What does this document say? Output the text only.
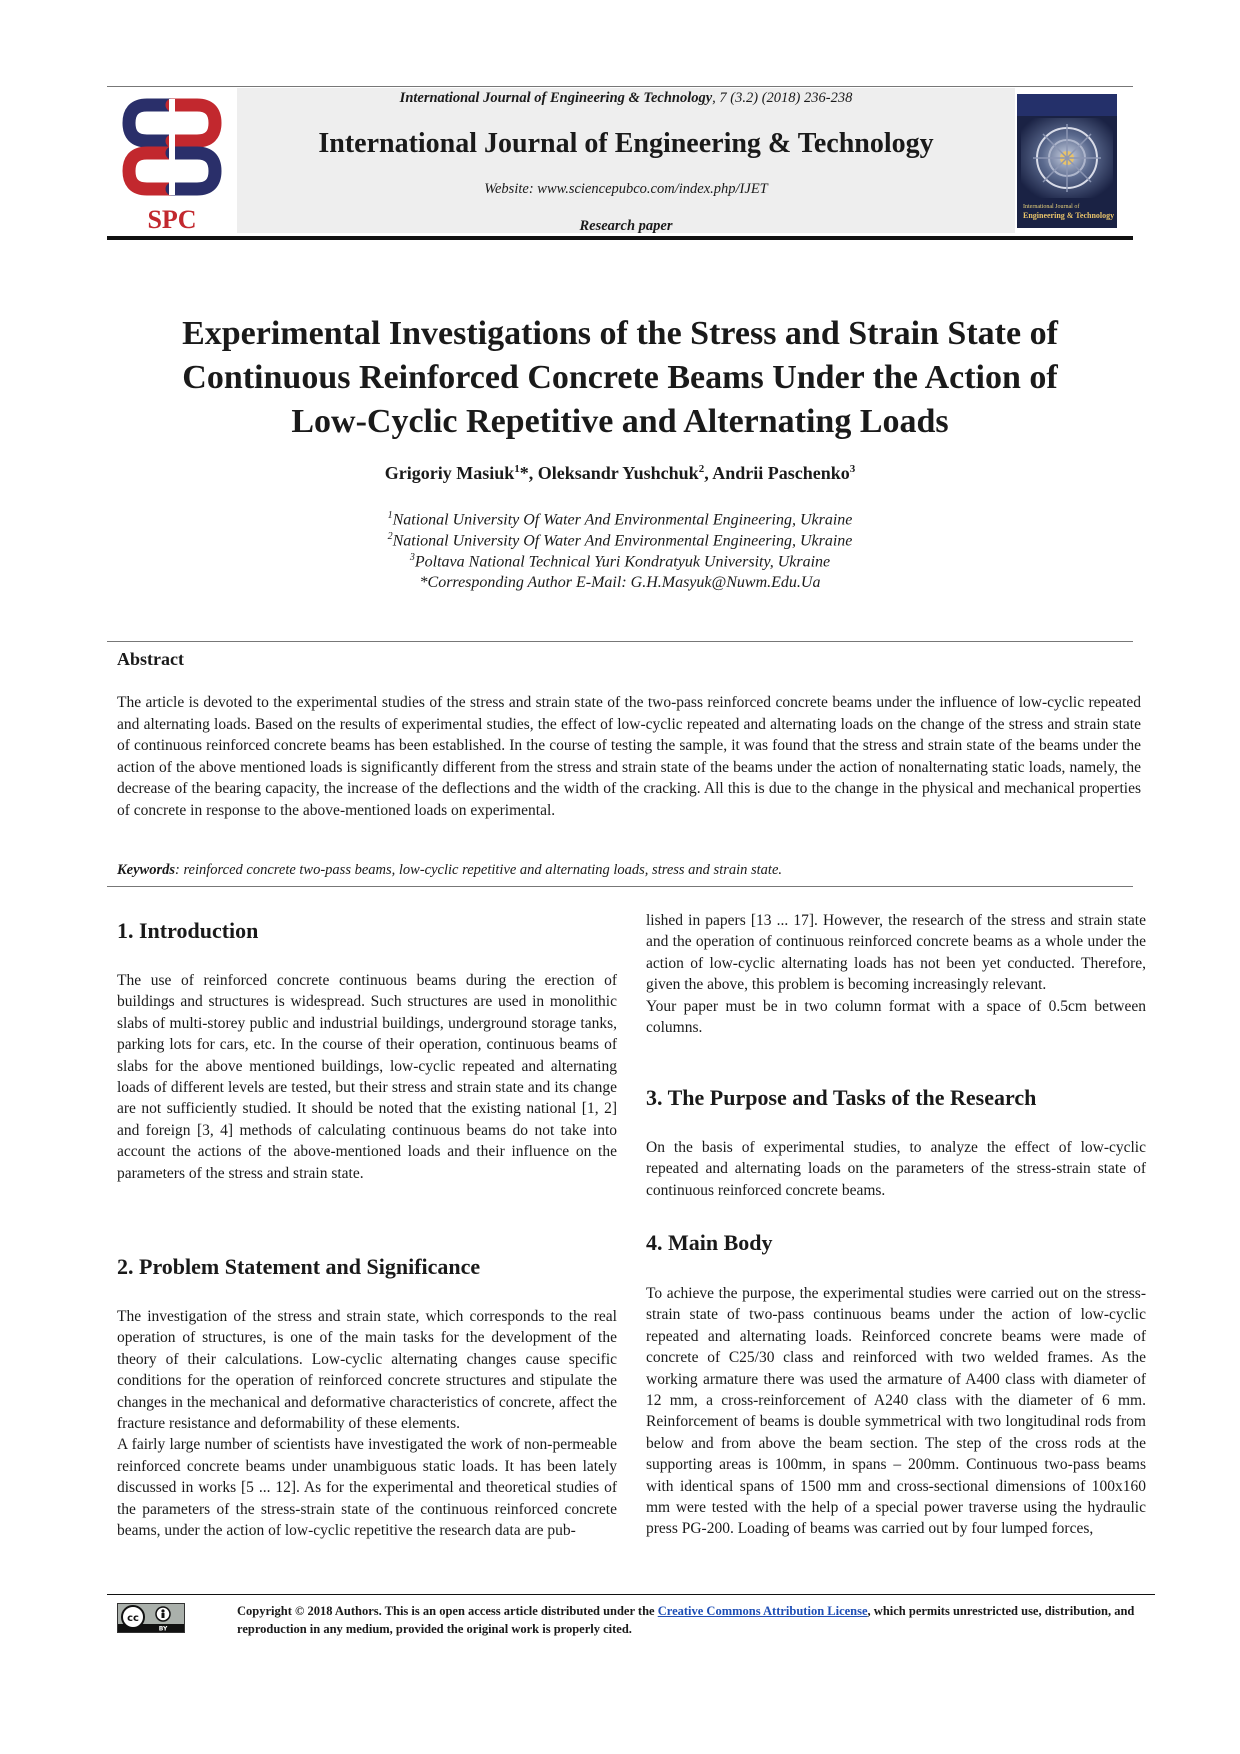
SPC
International Journal of Engineering & Technology, 7 (3.2) (2018) 236-238
International Journal of Engineering & Technology
Website: www.sciencepubco.com/index.php/IJET
Research paper
International Journal of
Engineering & Technology
Experimental Investigations of the Stress and Strain State of
Continuous Reinforced Concrete Beams Under the Action of
Low-Cyclic Repetitive and Alternating Loads
Grigoriy Masiuk$^1$*, Oleksandr Yushchuk$^2$, Andrii Paschenko$^3$
$^1$National University Of Water And Environmental Engineering, Ukraine
$^2$National University Of Water And Environmental Engineering, Ukraine
$^3$Poltava National Technical Yuri Kondratyuk University, Ukraine
*Corresponding Author E-Mail: G.H.Masyuk@Nuwm.Edu.Ua
Abstract
The article is devoted to the experimental studies of the stress and strain state of the two-pass reinforced concrete beams under the influence of low-cyclic repeated and alternating loads. Based on the results of experimental studies, the effect of low-cyclic repeated and alternating loads on the change of the stress and strain state of continuous reinforced concrete beams has been established. In the course of testing the sample, it was found that the stress and strain state of the beams under the action of the above mentioned loads is significantly different from the stress and strain state of the beams under the action of nonalternating static loads, namely, the decrease of the bearing capacity, the increase of the deflections and the width of the cracking. All this is due to the change in the physical and mechanical properties of concrete in response to the above-mentioned loads on experimental.
Keywords: reinforced concrete two-pass beams, low-cyclic repetitive and alternating loads, stress and strain state.
1. Introduction

The use of reinforced concrete continuous beams during the erection of buildings and structures is widespread. Such structures are used in monolithic slabs of multi-storey public and industrial buildings, underground storage tanks, parking lots for cars, etc. In the course of their operation, continuous beams of slabs for the above mentioned buildings, low-cyclic repeated and alternating loads of different levels are tested, but their stress and strain state and its change are not sufficiently studied. It should be noted that the existing national [1, 2] and foreign [3, 4] methods of calculating continuous beams do not take into account the actions of the above-mentioned loads and their influence on the parameters of the stress and strain state.

2. Problem Statement and Significance

The investigation of the stress and strain state, which corresponds to the real operation of structures, is one of the main tasks for the development of the theory of their calculations. Low-cyclic alternating changes cause specific conditions for the operation of reinforced concrete structures and stipulate the changes in the mechanical and deformative characteristics of concrete, affect the fracture resistance and deformability of these elements.

A fairly large number of scientists have investigated the work of non-permeable reinforced concrete beams under unambiguous static loads. It has been lately discussed in works [5 ... 12]. As for the experimental and theoretical studies of the parameters of the stress-strain state of the continuous reinforced concrete beams, under the action of low-cyclic repetitive the research data are pub-

lished in papers [13 ... 17]. However, the research of the stress and strain state and the operation of continuous reinforced concrete beams as a whole under the action of low-cyclic alternating loads has not been yet conducted. Therefore, given the above, this problem is becoming increasingly relevant.

Your paper must be in two column format with a space of 0.5cm between columns.

3. The Purpose and Tasks of the Research

On the basis of experimental studies, to analyze the effect of low-cyclic repeated and alternating loads on the parameters of the stress-strain state of continuous reinforced concrete beams.

4. Main Body

To achieve the purpose, the experimental studies were carried out on the stress-strain state of two-pass continuous beams under the action of low-cyclic repeated and alternating loads. Reinforced concrete beams were made of concrete of C25/30 class and reinforced with two welded frames. As the working armature there was used the armature of A400 class with diameter of 12 mm, a cross-reinforcement of A240 class with the diameter of 6 mm. Reinforcement of beams is double symmetrical with two longitudinal rods from below and from above the beam section. The step of the cross rods at the supporting areas is 100mm, in spans – 200mm. Continuous two-pass beams with identical spans of 1500 mm and cross-sectional dimensions of 100x160 mm were tested with the help of a special power traverse using the hydraulic press PG-200. Loading of beams was carried out by four lumped forces,

cc
BY
Copyright © 2018 Authors. This is an open access article distributed under the Creative Commons Attribution License, which permits unrestricted use, distribution, and reproduction in any medium, provided the original work is properly cited.
